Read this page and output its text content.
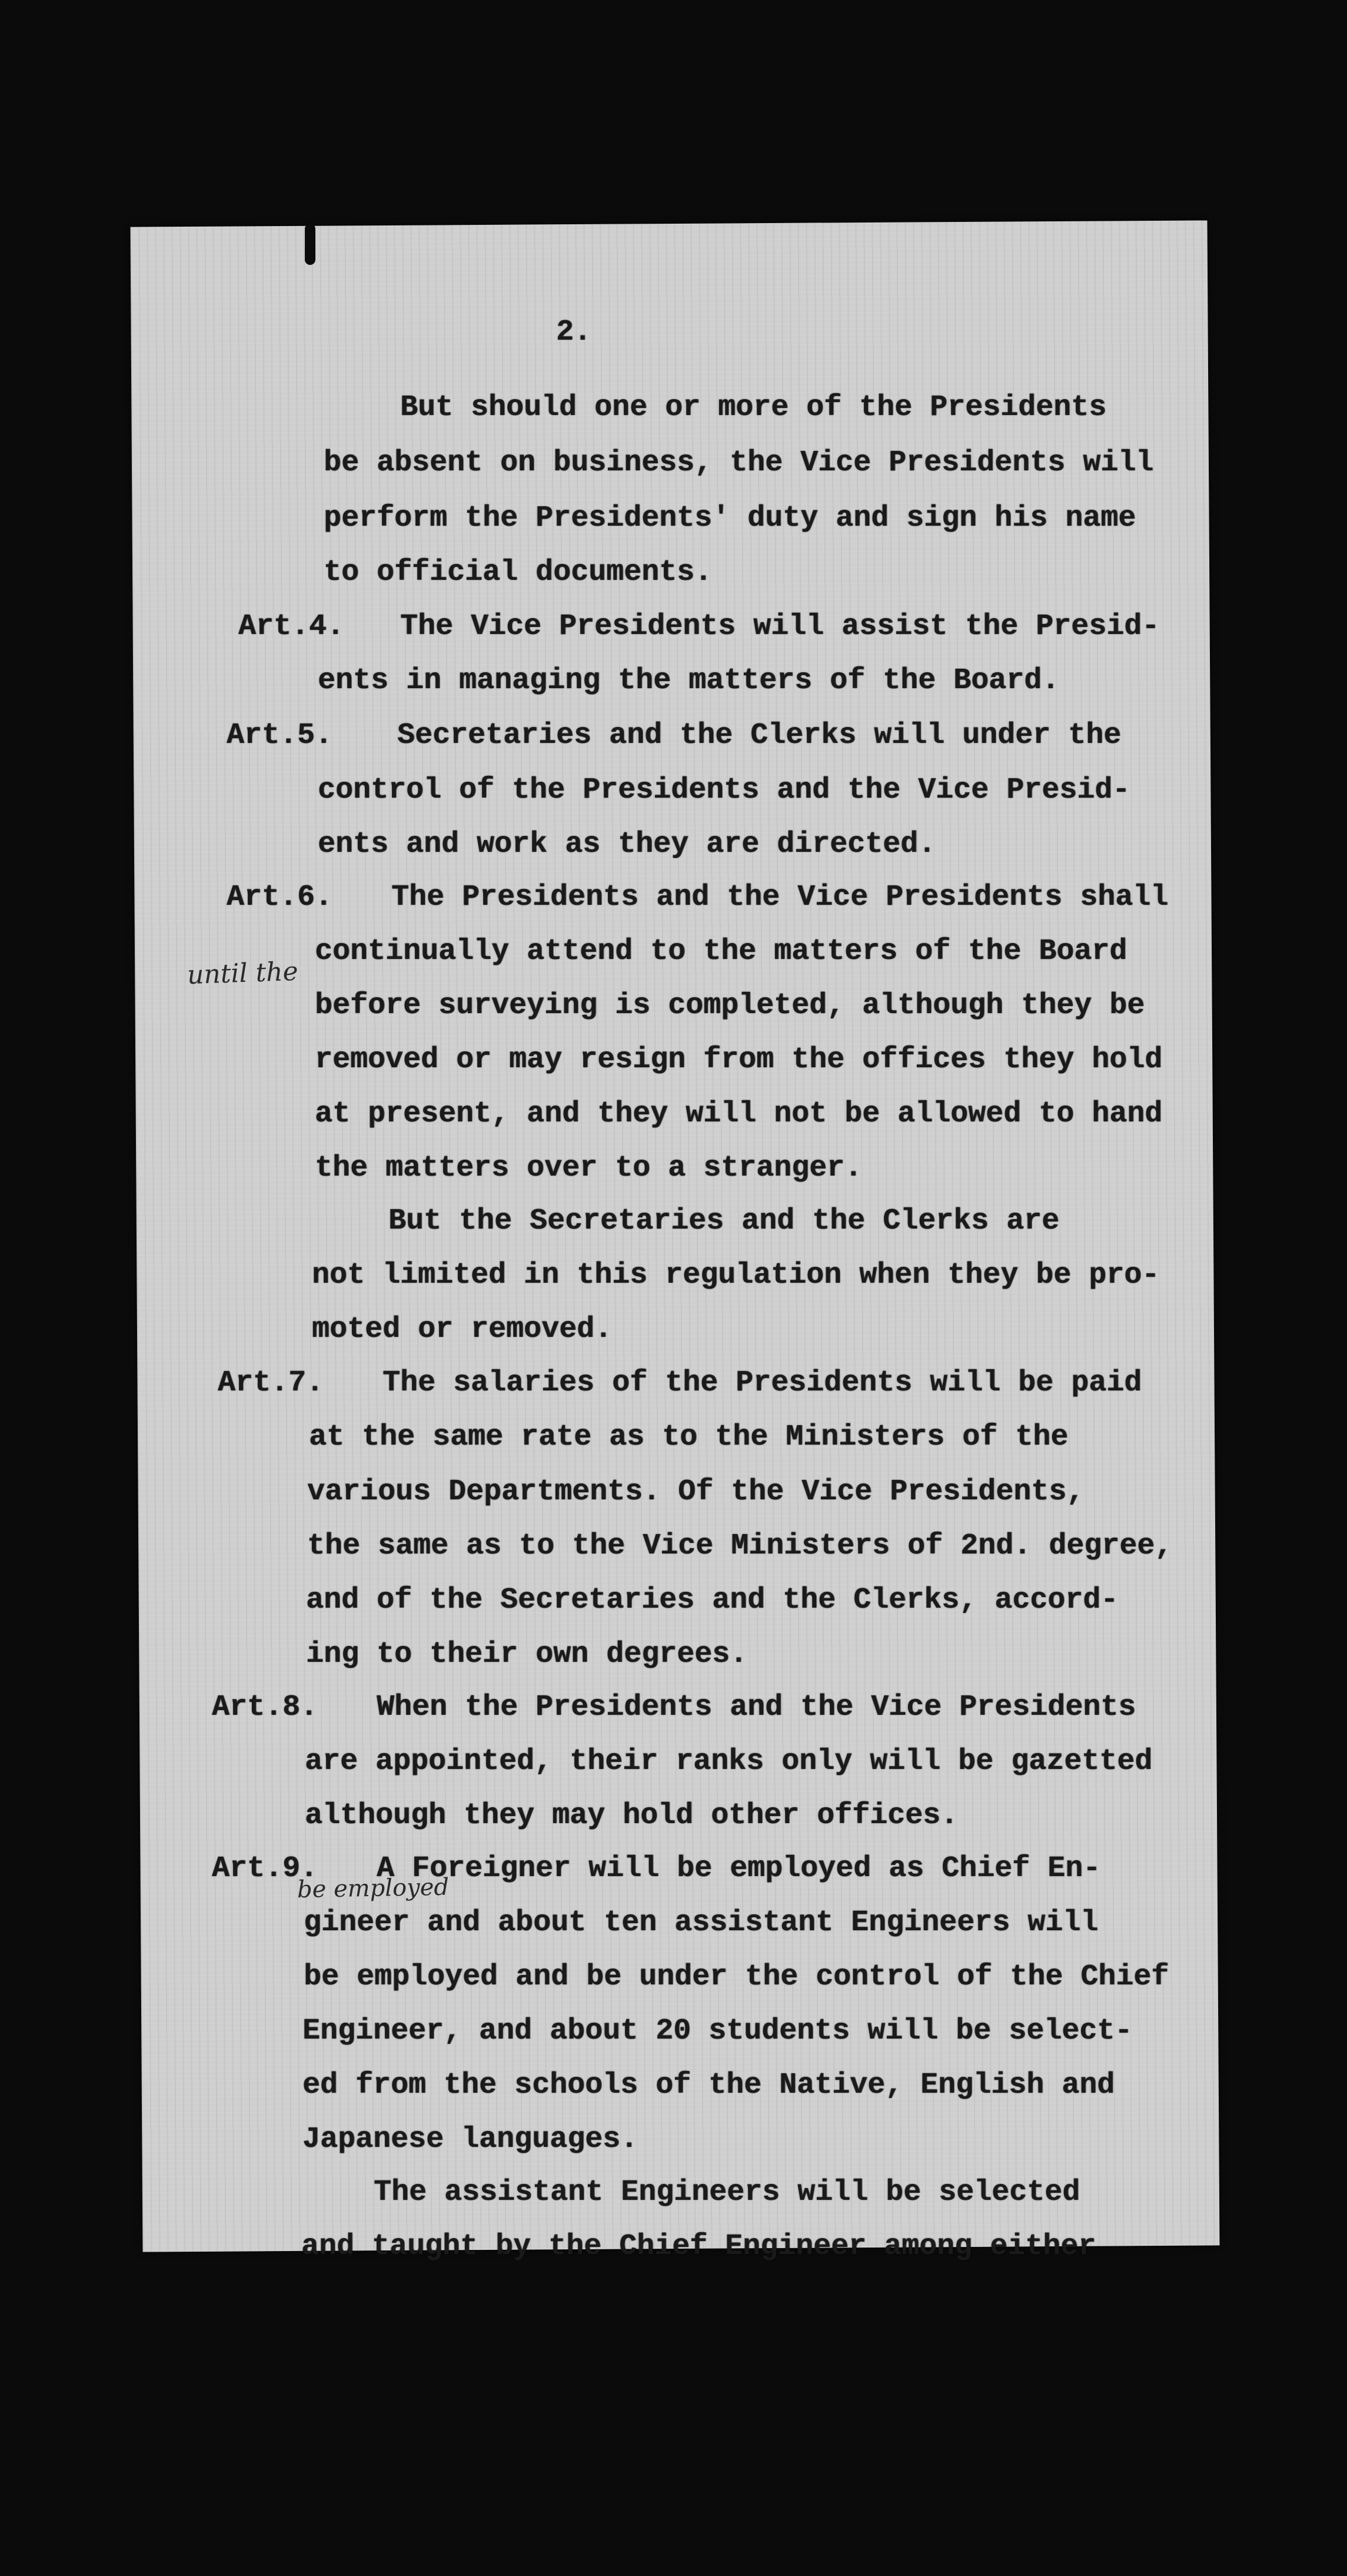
2.
But should one or more of the Presidents
be absent on business, the Vice Presidents will
perform the Presidents' duty and sign his name
to official documents.
Art.4. The Vice Presidents will assist the Presid-
ents in managing the matters of the Board.
Art.5. Secretaries and the Clerks will under the
control of the Presidents and the Vice Presid-
ents and work as they are directed.
Art.6. The Presidents and the Vice Presidents shall
continually attend to the matters of the Board
before surveying is completed, although they be
removed or may resign from the offices they hold
at present, and they will not be allowed to hand
the matters over to a stranger.
But the Secretaries and the Clerks are
not limited in this regulation when they be pro-
moted or removed.
Art.7. The salaries of the Presidents will be paid
at the same rate as to the Ministers of the
various Departments. Of the Vice Presidents,
the same as to the Vice Ministers of 2nd. degree,
and of the Secretaries and the Clerks, accord-
ing to their own degrees.
Art.8. When the Presidents and the Vice Presidents
are appointed, their ranks only will be gazetted
although they may hold other offices.
Art.9. A Foreigner will be employed as Chief En-
gineer and about ten assistant Engineers will
be employed and be under the control of the Chief
Engineer, and about 20 students will be select-
ed from the schools of the Native, English and
Japanese languages.
The assistant Engineers will be selected
and taught by the Chief Engineer among either
until the
be employed
